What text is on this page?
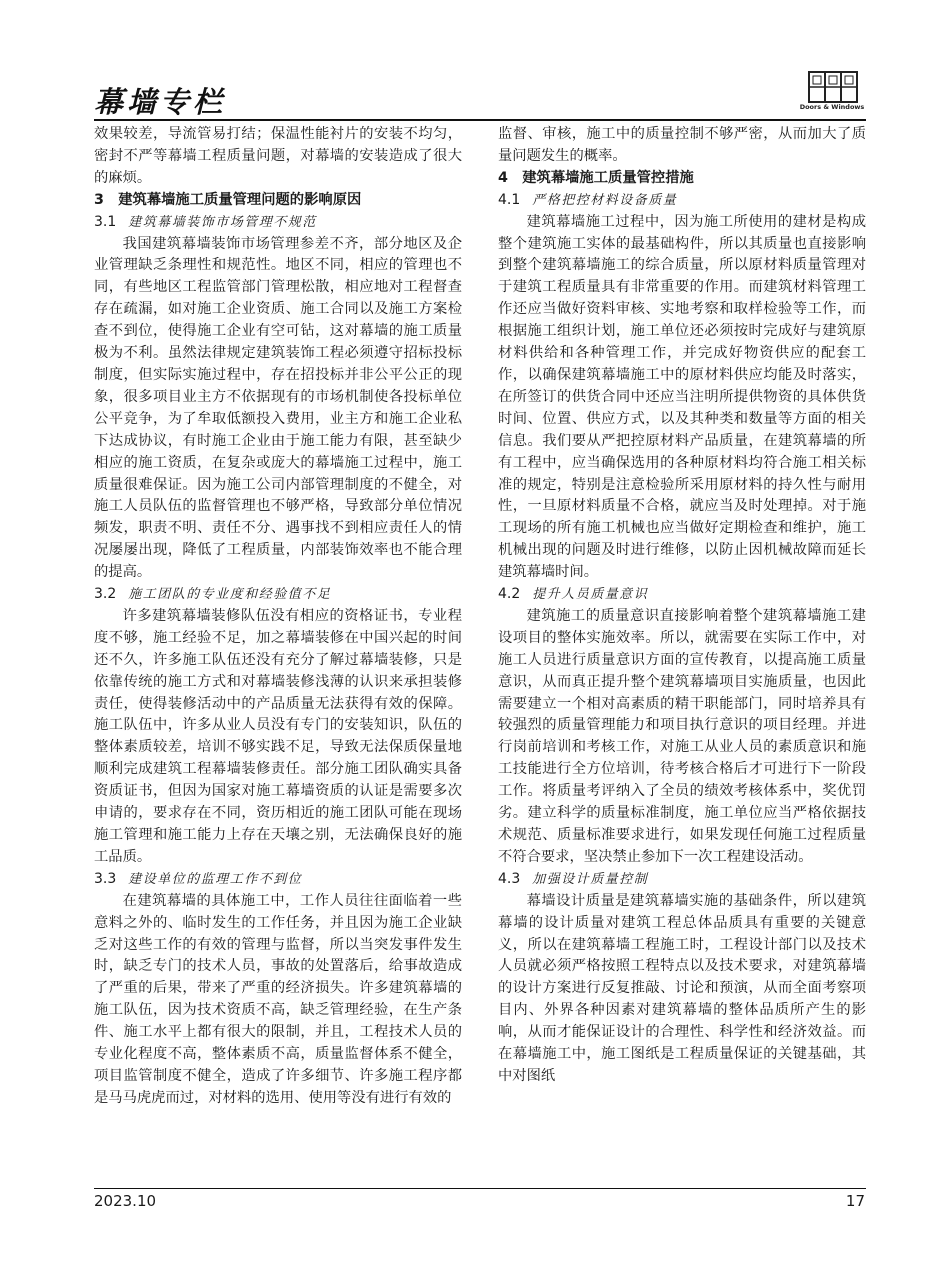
幕墙专栏	Doors & Windows

效果较差，导流管易打结；保温性能衬片的安装不均匀，密封不严等幕墙工程质量问题，对幕墙的安装造成了很大的麻烦。

3　建筑幕墙施工质量管理问题的影响原因
3.1 建筑幕墙装饰市场管理不规范

我国建筑幕墙装饰市场管理参差不齐，部分地区及企业管理缺乏条理性和规范性。地区不同，相应的管理也不同，有些地区工程监管部门管理松散，相应地对工程督查存在疏漏，如对施工企业资质、施工合同以及施工方案检查不到位，使得施工企业有空可钻，这对幕墙的施工质量极为不利。虽然法律规定建筑装饰工程必须遵守招标投标制度，但实际实施过程中，存在招投标并非公平公正的现象，很多项目业主方不依据现有的市场机制使各投标单位公平竞争，为了牟取低额投入费用，业主方和施工企业私下达成协议，有时施工企业由于施工能力有限，甚至缺少相应的施工资质，在复杂或庞大的幕墙施工过程中，施工质量很难保证。因为施工公司内部管理制度的不健全，对施工人员队伍的监督管理也不够严格，导致部分单位情况频发，职责不明、责任不分、遇事找不到相应责任人的情况屡屡出现，降低了工程质量，内部装饰效率也不能合理的提高。

3.2 施工团队的专业度和经验值不足

许多建筑幕墙装修队伍没有相应的资格证书，专业程度不够，施工经验不足，加之幕墙装修在中国兴起的时间还不久，许多施工队伍还没有充分了解过幕墙装修，只是依靠传统的施工方式和对幕墙装修浅薄的认识来承担装修责任，使得装修活动中的产品质量无法获得有效的保障。施工队伍中，许多从业人员没有专门的安装知识，队伍的整体素质较差，培训不够实践不足，导致无法保质保量地顺利完成建筑工程幕墙装修责任。部分施工团队确实具备资质证书，但因为国家对施工幕墙资质的认证是需要多次申请的，要求存在不同，资历相近的施工团队可能在现场施工管理和施工能力上存在天壤之别，无法确保良好的施工品质。

3.3 建设单位的监理工作不到位

在建筑幕墙的具体施工中，工作人员往往面临着一些意料之外的、临时发生的工作任务，并且因为施工企业缺乏对这些工作的有效的管理与监督，所以当突发事件发生时，缺乏专门的技术人员，事故的处置落后，给事故造成了严重的后果，带来了严重的经济损失。许多建筑幕墙的施工队伍，因为技术资质不高，缺乏管理经验，在生产条件、施工水平上都有很大的限制，并且，工程技术人员的专业化程度不高，整体素质不高，质量监督体系不健全，项目监管制度不健全，造成了许多细节、许多施工程序都是马马虎虎而过，对材料的选用、使用等没有进行有效的

监督、审核，施工中的质量控制不够严密，从而加大了质量问题发生的概率。

4　建筑幕墙施工质量管控措施
4.1 严格把控材料设备质量

建筑幕墙施工过程中，因为施工所使用的建材是构成整个建筑施工实体的最基础构件，所以其质量也直接影响到整个建筑幕墙施工的综合质量，所以原材料质量管理对于建筑工程质量具有非常重要的作用。而建筑材料管理工作还应当做好资料审核、实地考察和取样检验等工作，而根据施工组织计划，施工单位还必须按时完成好与建筑原材料供给和各种管理工作，并完成好物资供应的配套工作，以确保建筑幕墙施工中的原材料供应均能及时落实，在所签订的供货合同中还应当注明所提供物资的具体供货时间、位置、供应方式，以及其种类和数量等方面的相关信息。我们要从严把控原材料产品质量，在建筑幕墙的所有工程中，应当确保选用的各种原材料均符合施工相关标准的规定，特别是注意检验所采用原材料的持久性与耐用性，一旦原材料质量不合格，就应当及时处理掉。对于施工现场的所有施工机械也应当做好定期检查和维护，施工机械出现的问题及时进行维修，以防止因机械故障而延长建筑幕墙时间。

4.2 提升人员质量意识

建筑施工的质量意识直接影响着整个建筑幕墙施工建设项目的整体实施效率。所以，就需要在实际工作中，对施工人员进行质量意识方面的宣传教育，以提高施工质量意识，从而真正提升整个建筑幕墙项目实施质量，也因此需要建立一个相对高素质的精干职能部门，同时培养具有较强烈的质量管理能力和项目执行意识的项目经理。并进行岗前培训和考核工作，对施工从业人员的素质意识和施工技能进行全方位培训，待考核合格后才可进行下一阶段工作。将质量考评纳入了全员的绩效考核体系中，奖优罚劣。建立科学的质量标准制度，施工单位应当严格依据技术规范、质量标准要求进行，如果发现任何施工过程质量不符合要求，坚决禁止参加下一次工程建设活动。

4.3 加强设计质量控制

幕墙设计质量是建筑幕墙实施的基础条件，所以建筑幕墙的设计质量对建筑工程总体品质具有重要的关键意义，所以在建筑幕墙工程施工时，工程设计部门以及技术人员就必须严格按照工程特点以及技术要求，对建筑幕墙的设计方案进行反复推敲、讨论和预演，从而全面考察项目内、外界各种因素对建筑幕墙的整体品质所产生的影响，从而才能保证设计的合理性、科学性和经济效益。而在幕墙施工中，施工图纸是工程质量保证的关键基础，其中对图纸

2023.10	17
